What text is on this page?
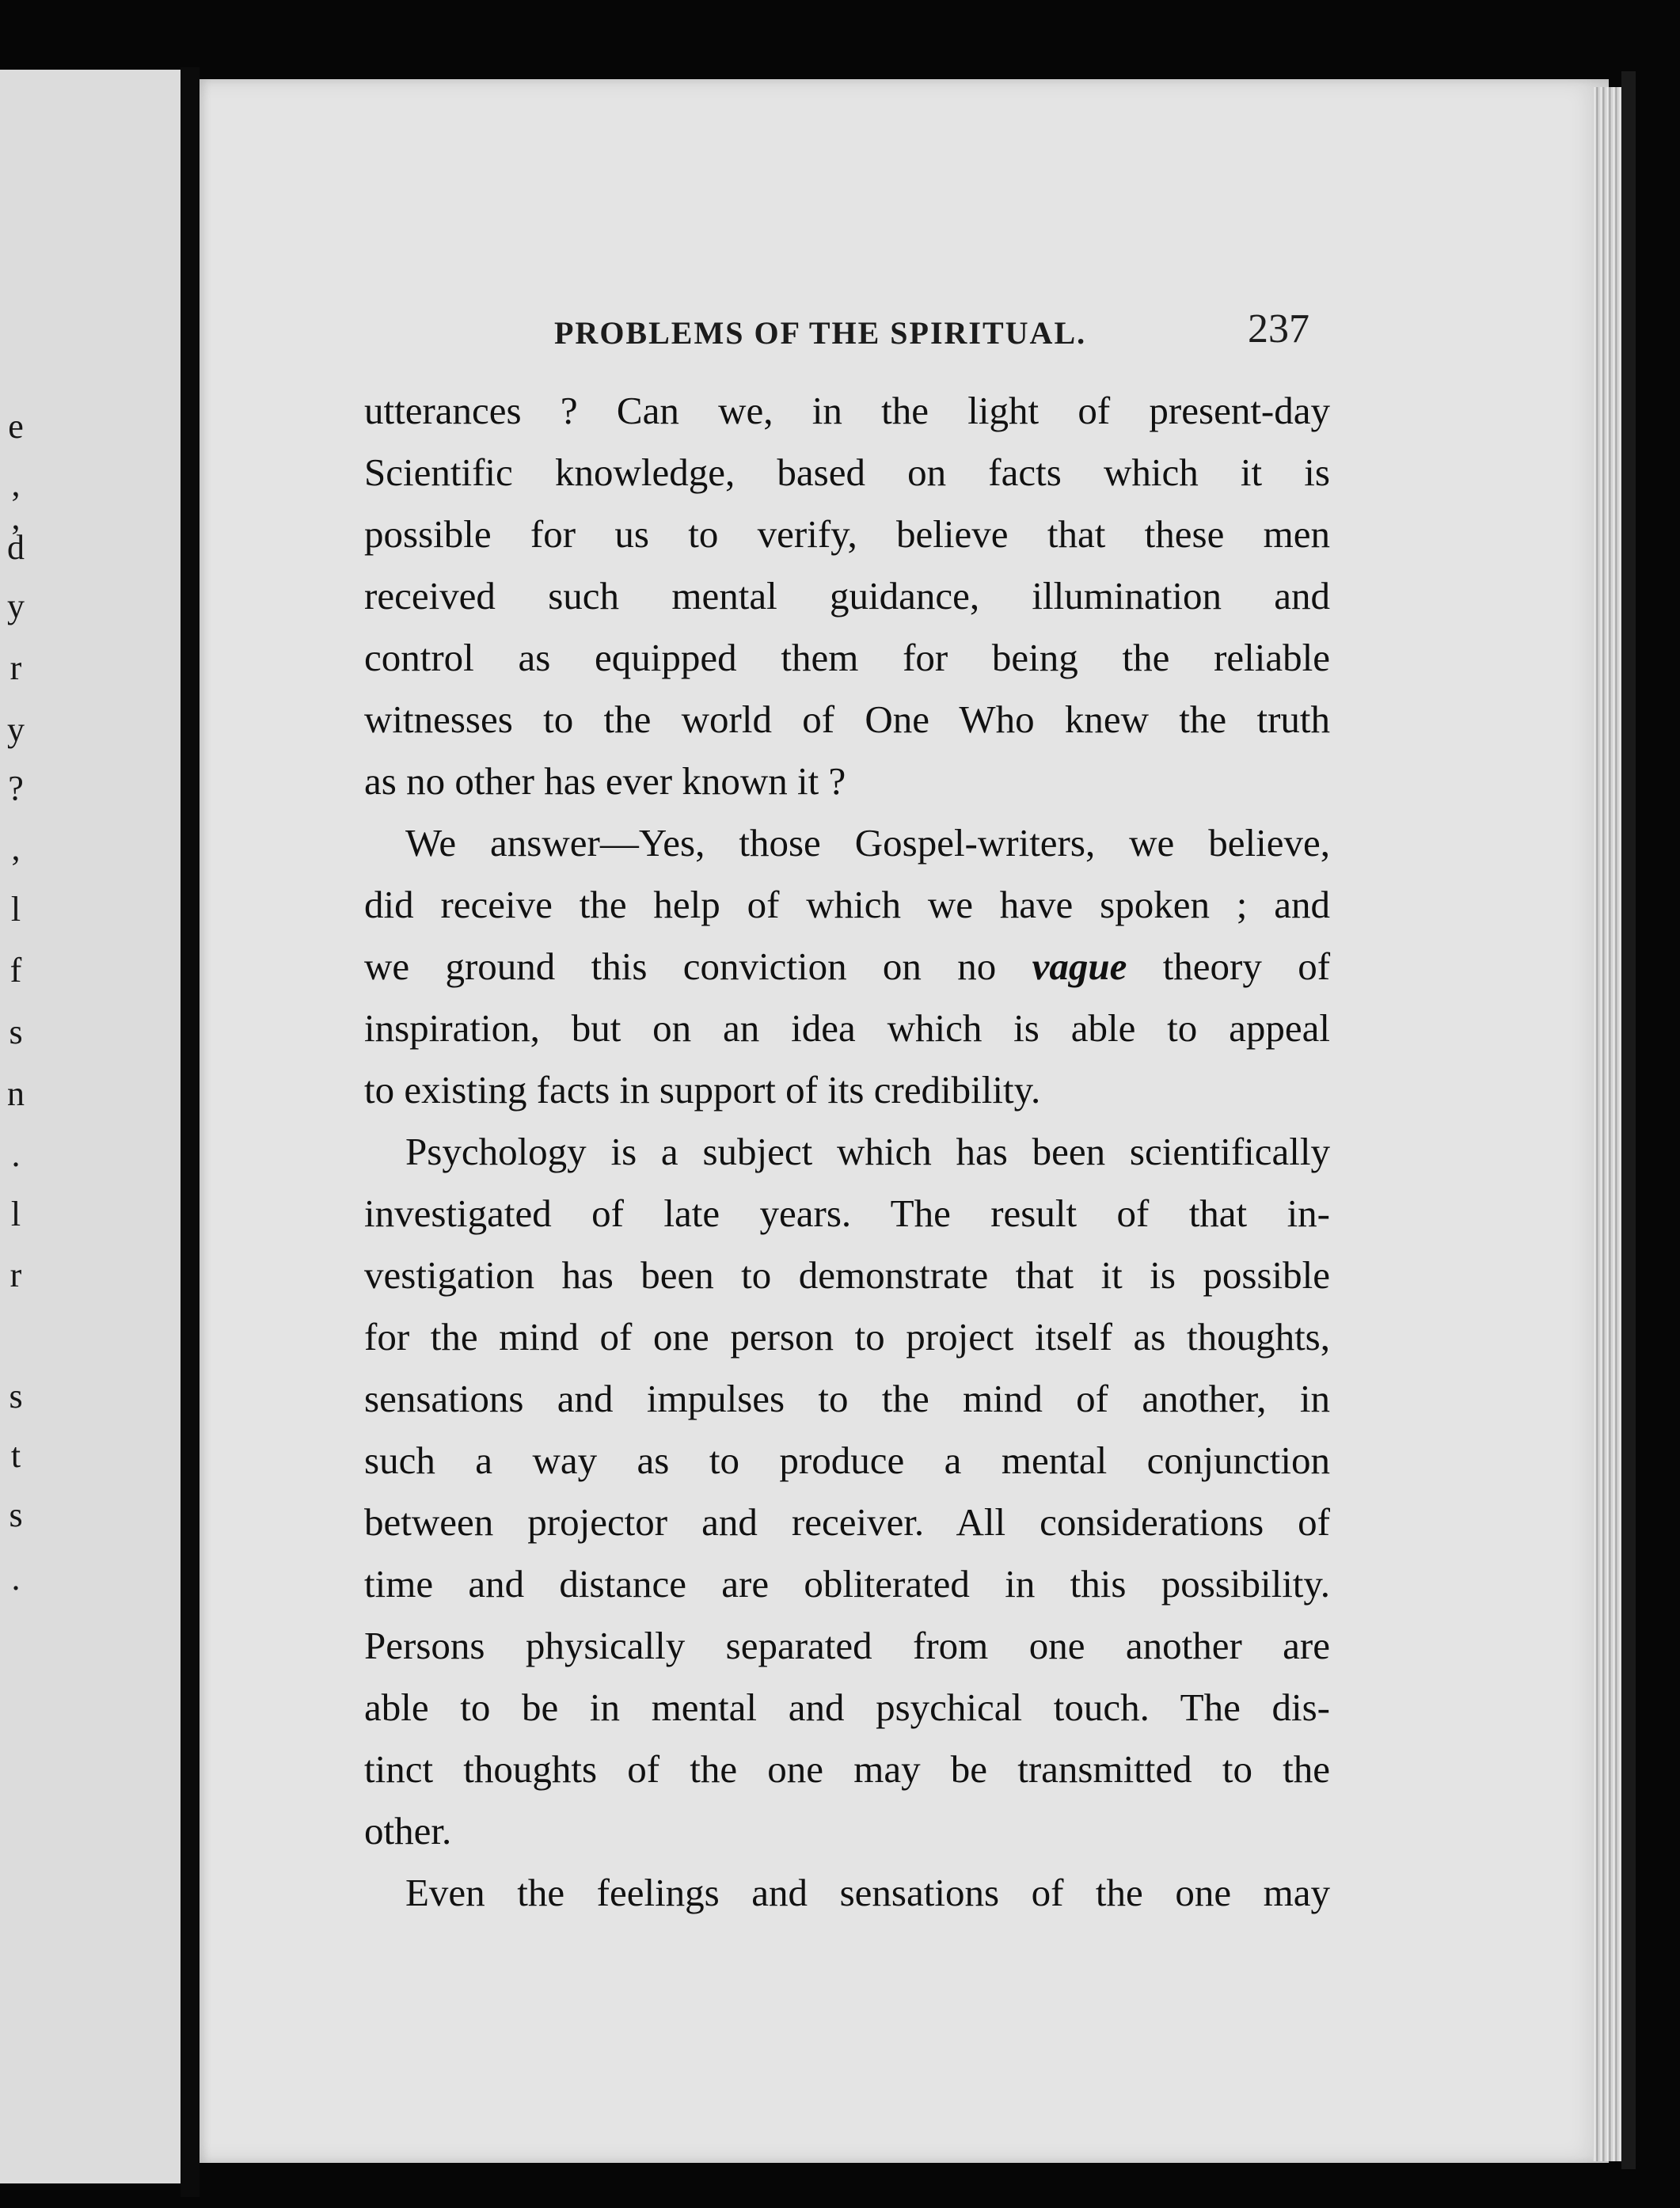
e
,
,
d
y
r
y
?
,
l
f
s
n
.
l
r
s
t
s
.
PROBLEMS OF THE SPIRITUAL.	237
utterances ? Can we, in the light of present-day
Scientific knowledge, based on facts which it is
possible for us to verify, believe that these men
received such mental guidance, illumination and
control as equipped them for being the reliable
witnesses to the world of One Who knew the truth
as no other has ever known it ?
We answer—Yes, those Gospel-writers, we believe,
did receive the help of which we have spoken ; and
we ground this conviction on no vague theory of
inspiration, but on an idea which is able to appeal
to existing facts in support of its credibility.
Psychology is a subject which has been scientifically
investigated of late years. The result of that in-
vestigation has been to demonstrate that it is possible
for the mind of one person to project itself as thoughts,
sensations and impulses to the mind of another, in
such a way as to produce a mental conjunction
between projector and receiver. All considerations of
time and distance are obliterated in this possibility.
Persons physically separated from one another are
able to be in mental and psychical touch. The dis-
tinct thoughts of the one may be transmitted to the
other.
Even the feelings and sensations of the one may
